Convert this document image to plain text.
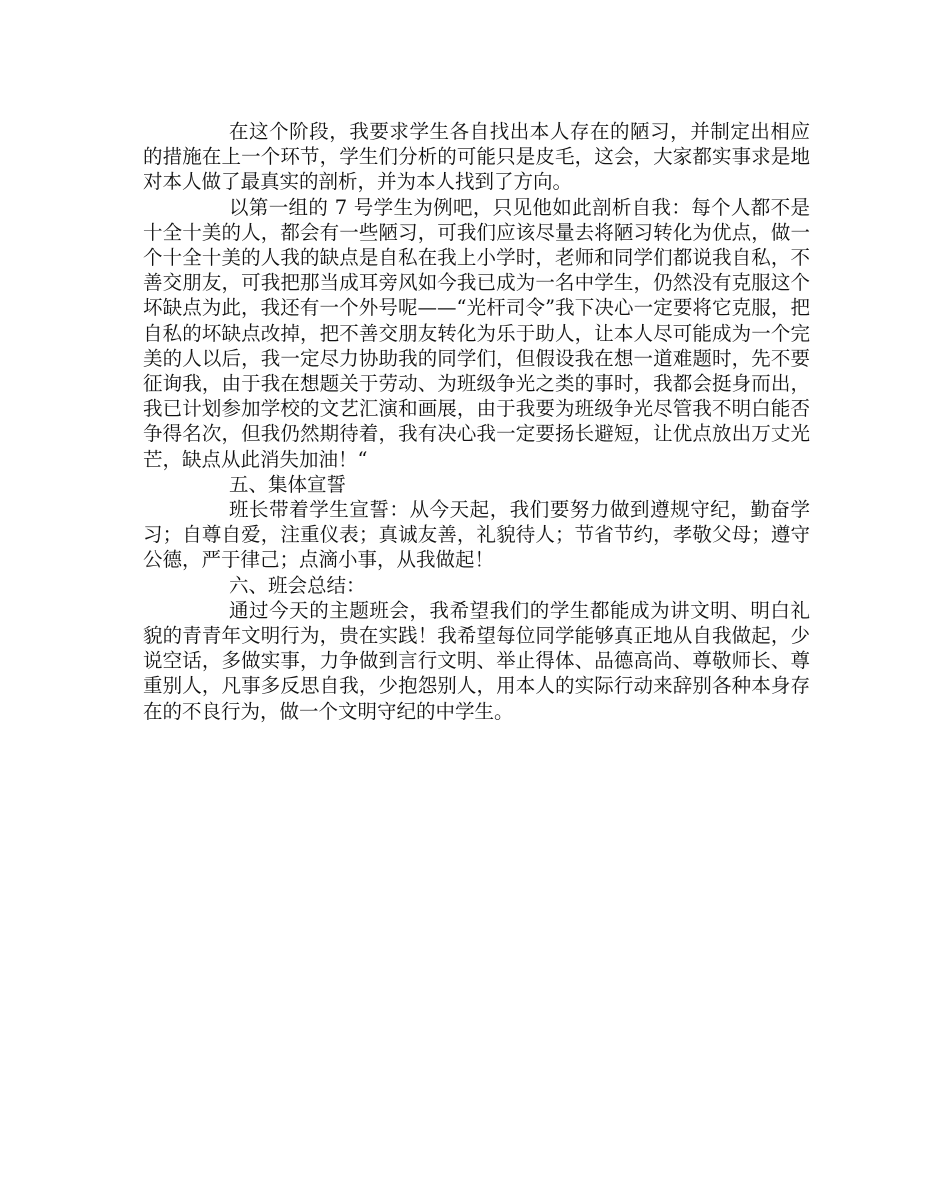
在这个阶段，我要求学生各自找出本人存在的陋习，并制定出相应的措施在上一个环节，学生们分析的可能只是皮毛，这会，大家都实事求是地对本人做了最真实的剖析，并为本人找到了方向。

以第一组的 7 号学生为例吧，只见他如此剖析自我：每个人都不是十全十美的人，都会有一些陋习，可我们应该尽量去将陋习转化为优点，做一个十全十美的人我的缺点是自私在我上小学时，老师和同学们都说我自私，不善交朋友，可我把那当成耳旁风如今我已成为一名中学生，仍然没有克服这个坏缺点为此，我还有一个外号呢——“光杆司令”我下决心一定要将它克服，把自私的坏缺点改掉，把不善交朋友转化为乐于助人，让本人尽可能成为一个完美的人以后，我一定尽力协助我的同学们，但假设我在想一道难题时，先不要征询我，由于我在想题关于劳动、为班级争光之类的事时，我都会挺身而出，我已计划参加学校的文艺汇演和画展，由于我要为班级争光尽管我不明白能否争得名次，但我仍然期待着，我有决心我一定要扬长避短，让优点放出万丈光芒，缺点从此消失加油！“

五、集体宣誓

班长带着学生宣誓：从今天起，我们要努力做到遵规守纪，勤奋学习；自尊自爱，注重仪表；真诚友善，礼貌待人；节省节约，孝敬父母；遵守公德，严于律己；点滴小事，从我做起！

六、班会总结：

通过今天的主题班会，我希望我们的学生都能成为讲文明、明白礼貌的青青年文明行为，贵在实践！我希望每位同学能够真正地从自我做起，少说空话，多做实事，力争做到言行文明、举止得体、品德高尚、尊敬师长、尊重别人，凡事多反思自我，少抱怨别人，用本人的实际行动来辞别各种本身存在的不良行为，做一个文明守纪的中学生。
